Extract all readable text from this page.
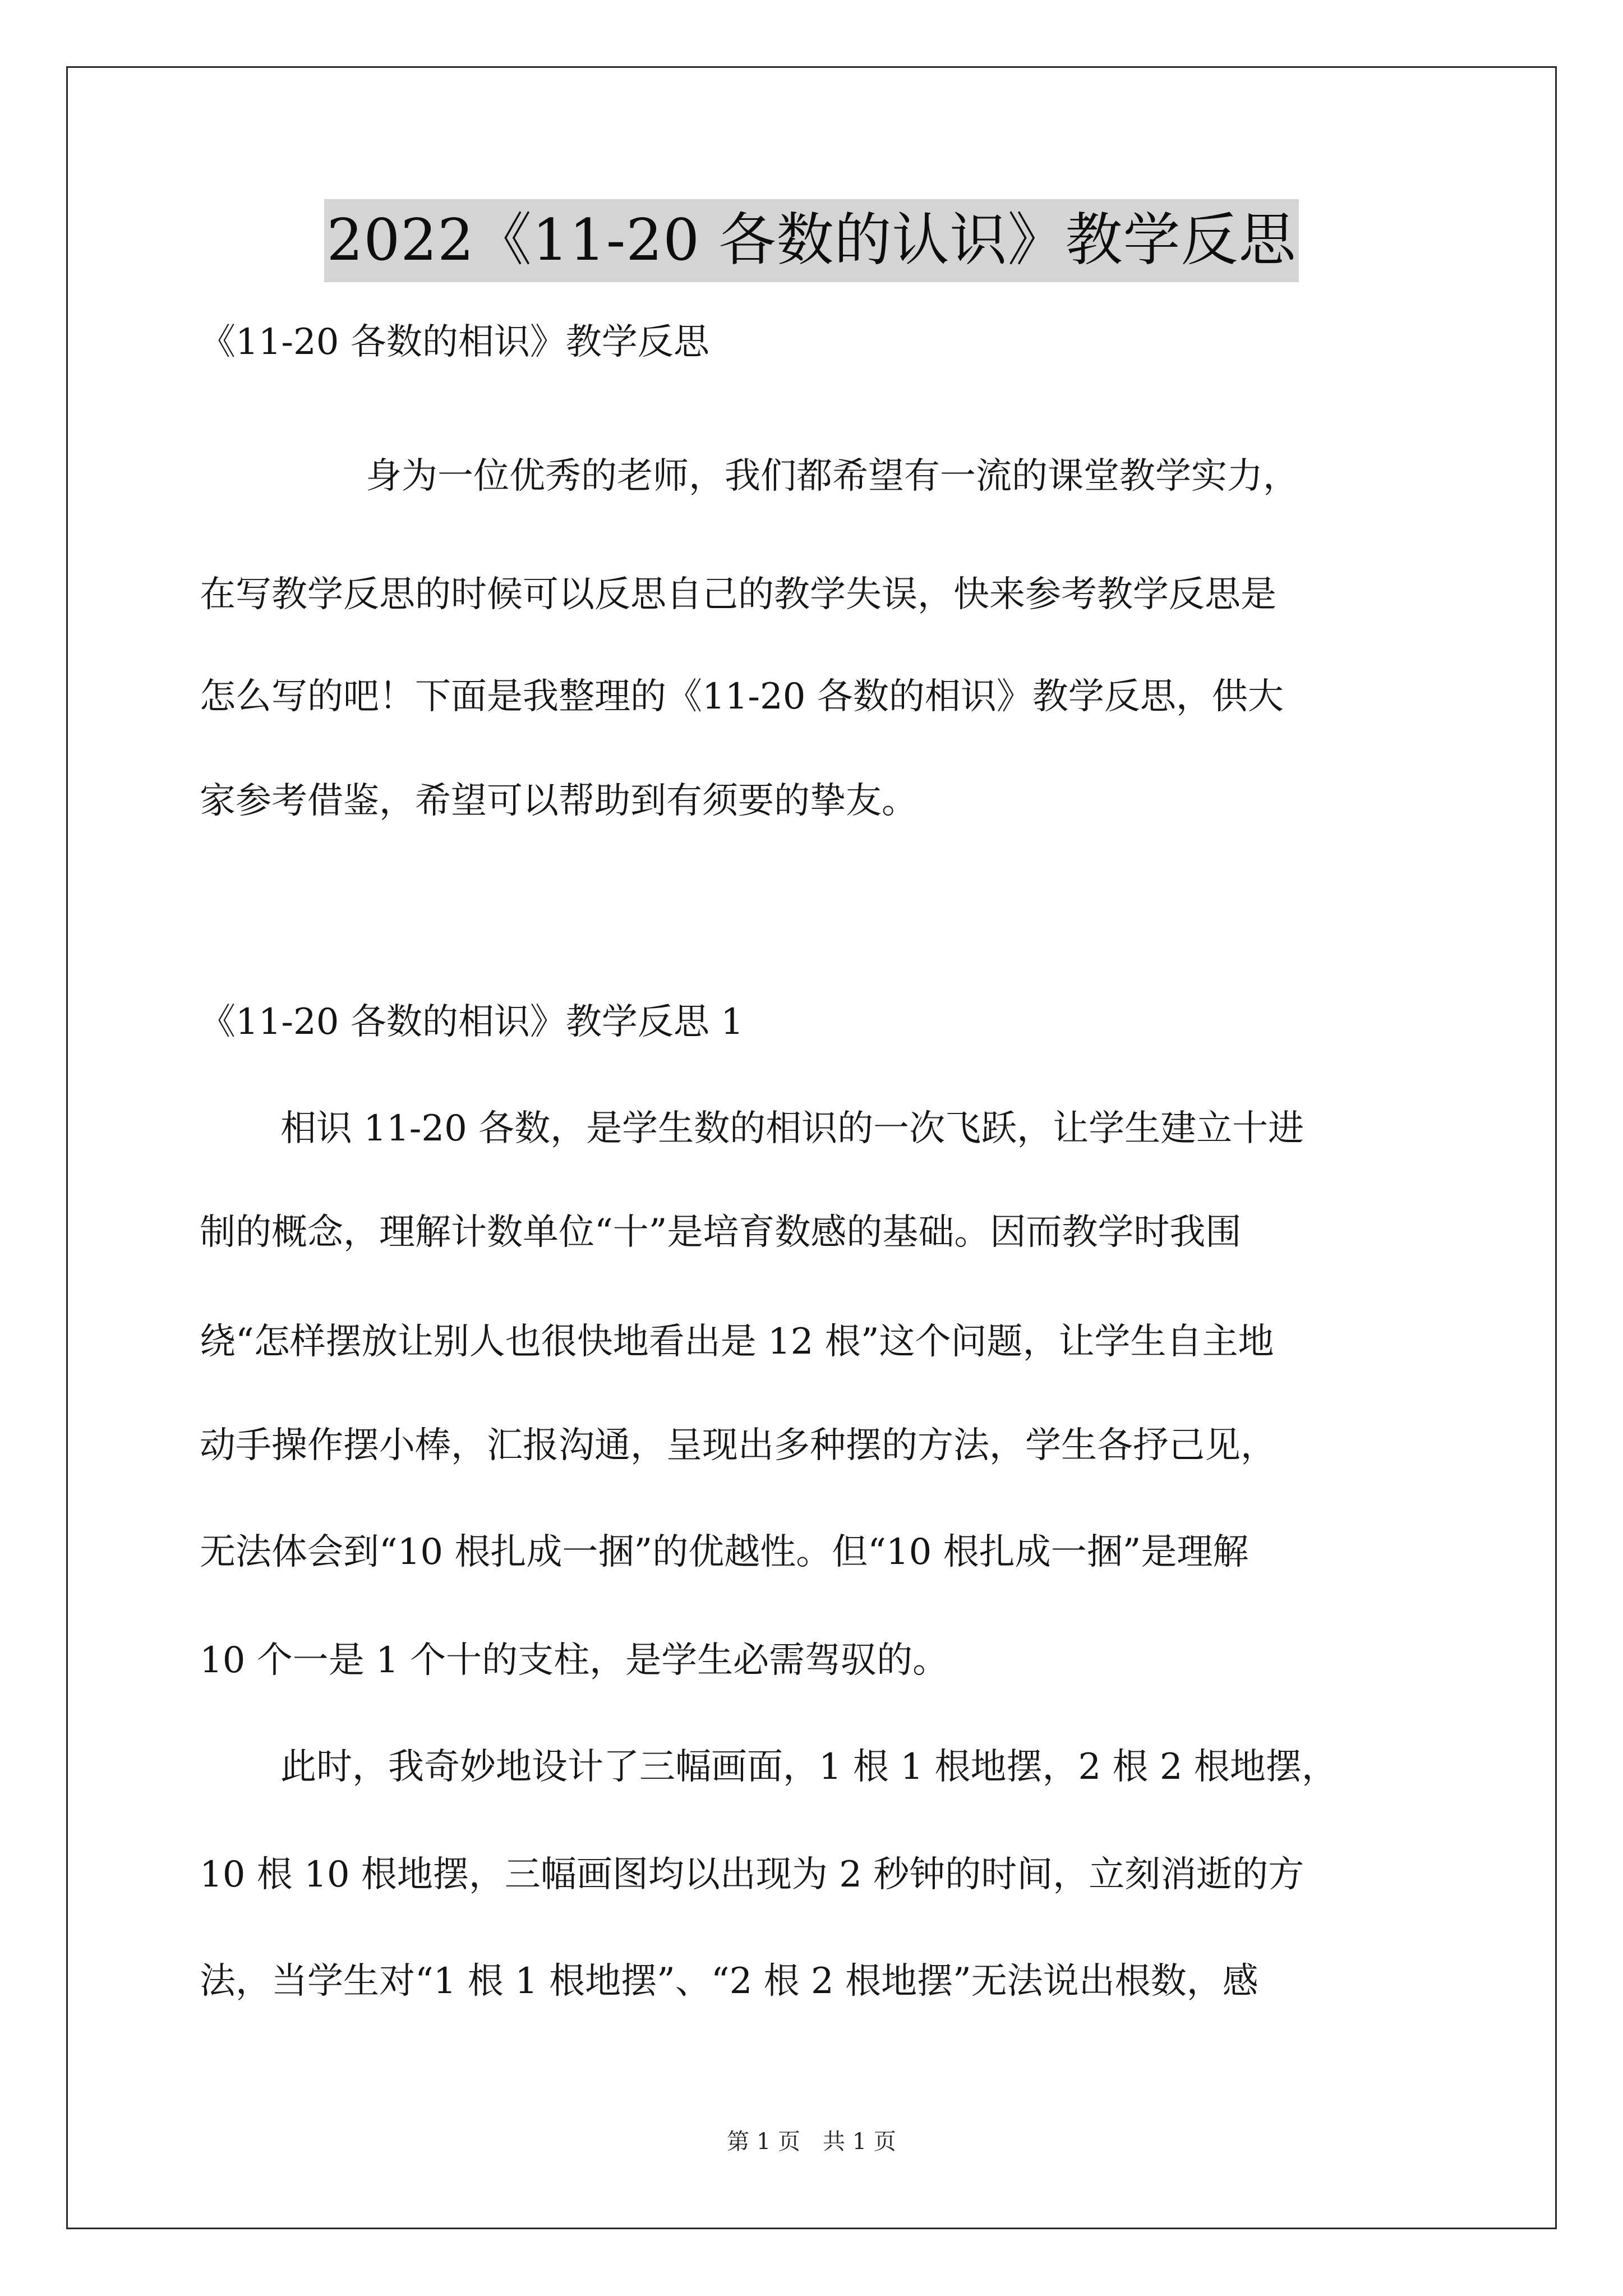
2022《11-20 各数的认识》教学反思
《11-20 各数的相识》教学反思
身为一位优秀的老师，我们都希望有一流的课堂教学实力，
在写教学反思的时候可以反思自己的教学失误，快来参考教学反思是
怎么写的吧！下面是我整理的《11-20 各数的相识》教学反思，供大
家参考借鉴，希望可以帮助到有须要的挚友。
《11-20 各数的相识》教学反思 1
相识 11-20 各数，是学生数的相识的一次飞跃，让学生建立十进
制的概念，理解计数单位“十”是培育数感的基础。因而教学时我围
绕“怎样摆放让别人也很快地看出是 12 根”这个问题，让学生自主地
动手操作摆小棒，汇报沟通，呈现出多种摆的方法，学生各抒己见，
无法体会到“10 根扎成一捆”的优越性。但“10 根扎成一捆”是理解
10 个一是 1 个十的支柱，是学生必需驾驭的。
此时，我奇妙地设计了三幅画面，1 根 1 根地摆，2 根 2 根地摆，
10 根 10 根地摆，三幅画图均以出现为 2 秒钟的时间，立刻消逝的方
法，当学生对“1 根 1 根地摆”、“2 根 2 根地摆”无法说出根数，感
第 1 页　共 1 页
